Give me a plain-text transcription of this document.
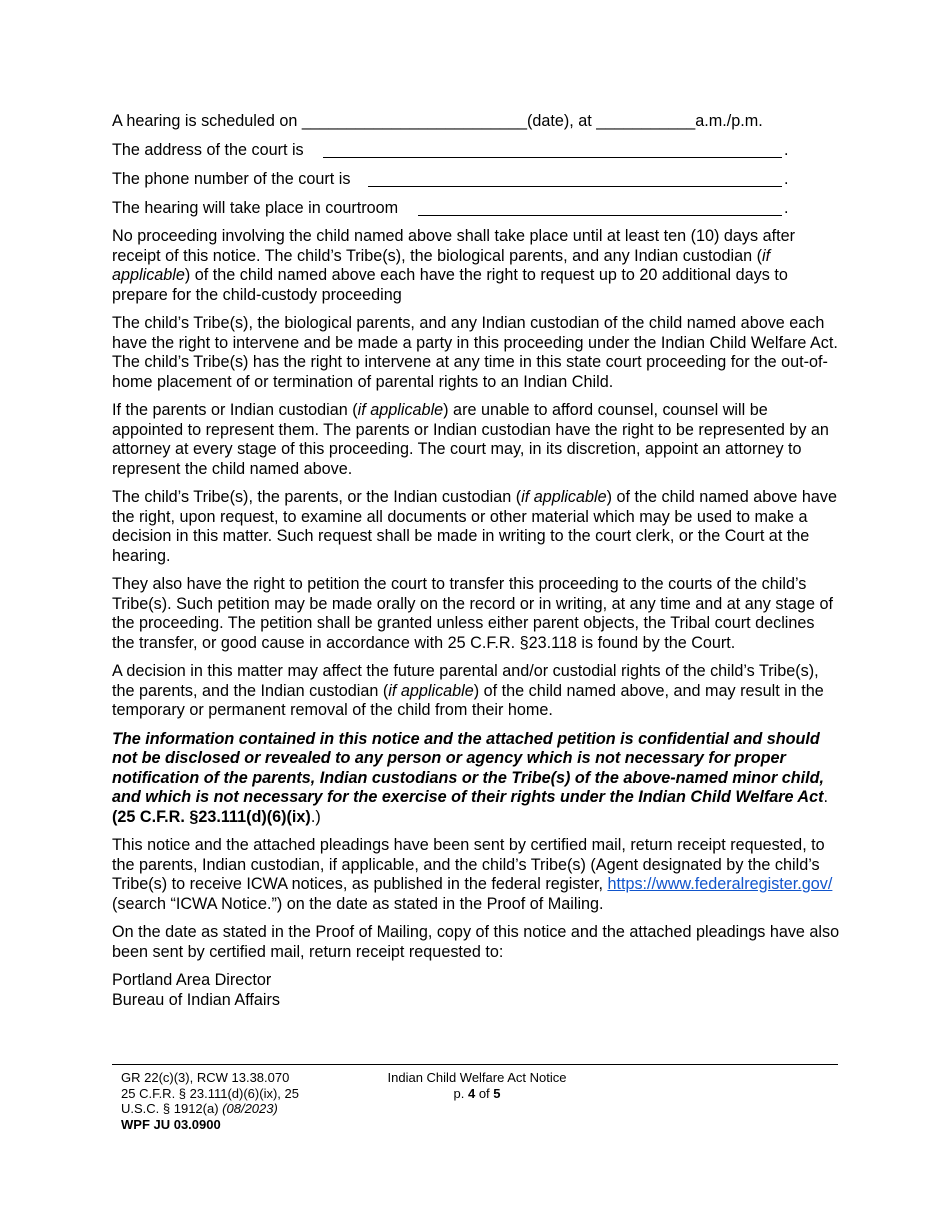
A hearing is scheduled on _________________________(date), at ___________a.m./p.m.
The address of the court is	.
The phone number of the court is	.
The hearing will take place in courtroom	.

No proceeding involving the child named above shall take place until at least ten (10) days after receipt of this notice. The child’s Tribe(s), the biological parents, and any Indian custodian (if applicable) of the child named above each have the right to request up to 20 additional days to prepare for the child-custody proceeding

The child’s Tribe(s), the biological parents, and any Indian custodian of the child named above each have the right to intervene and be made a party in this proceeding under the Indian Child Welfare Act. The child’s Tribe(s) has the right to intervene at any time in this state court proceeding for the out-of-home placement of or termination of parental rights to an Indian Child.

If the parents or Indian custodian (if applicable) are unable to afford counsel, counsel will be appointed to represent them. The parents or Indian custodian have the right to be represented by an attorney at every stage of this proceeding. The court may, in its discretion, appoint an attorney to represent the child named above.

The child’s Tribe(s), the parents, or the Indian custodian (if applicable) of the child named above have the right, upon request, to examine all documents or other material which may be used to make a decision in this matter. Such request shall be made in writing to the court clerk, or the Court at the hearing.

They also have the right to petition the court to transfer this proceeding to the courts of the child’s Tribe(s). Such petition may be made orally on the record or in writing, at any time and at any stage of the proceeding. The petition shall be granted unless either parent objects, the Tribal court declines the transfer, or good cause in accordance with 25 C.F.R. §23.118 is found by the Court.

A decision in this matter may affect the future parental and/or custodial rights of the child’s Tribe(s), the parents, and the Indian custodian (if applicable) of the child named above, and may result in the temporary or permanent removal of the child from their home.

The information contained in this notice and the attached petition is confidential and should not be disclosed or revealed to any person or agency which is not necessary for proper notification of the parents, Indian custodians or the Tribe(s) of the above-named minor child, and which is not necessary for the exercise of their rights under the Indian Child Welfare Act. (25 C.F.R. §23.111(d)(6)(ix).)

This notice and the attached pleadings have been sent by certified mail, return receipt requested, to the parents, Indian custodian, if applicable, and the child’s Tribe(s) (Agent designated by the child’s Tribe(s) to receive ICWA notices, as published in the federal register, https://www.federalregister.gov/ (search “ICWA Notice.”) on the date as stated in the Proof of Mailing.

On the date as stated in the Proof of Mailing, copy of this notice and the attached pleadings have also been sent by certified mail, return receipt requested to:

Portland Area Director
Bureau of Indian Affairs
GR 22(c)(3), RCW 13.38.070
25 C.F.R. § 23.111(d)(6)(ix), 25
U.S.C. § 1912(a) (08/2023)
WPF JU 03.0900
Indian Child Welfare Act Notice
p. 4 of 5
